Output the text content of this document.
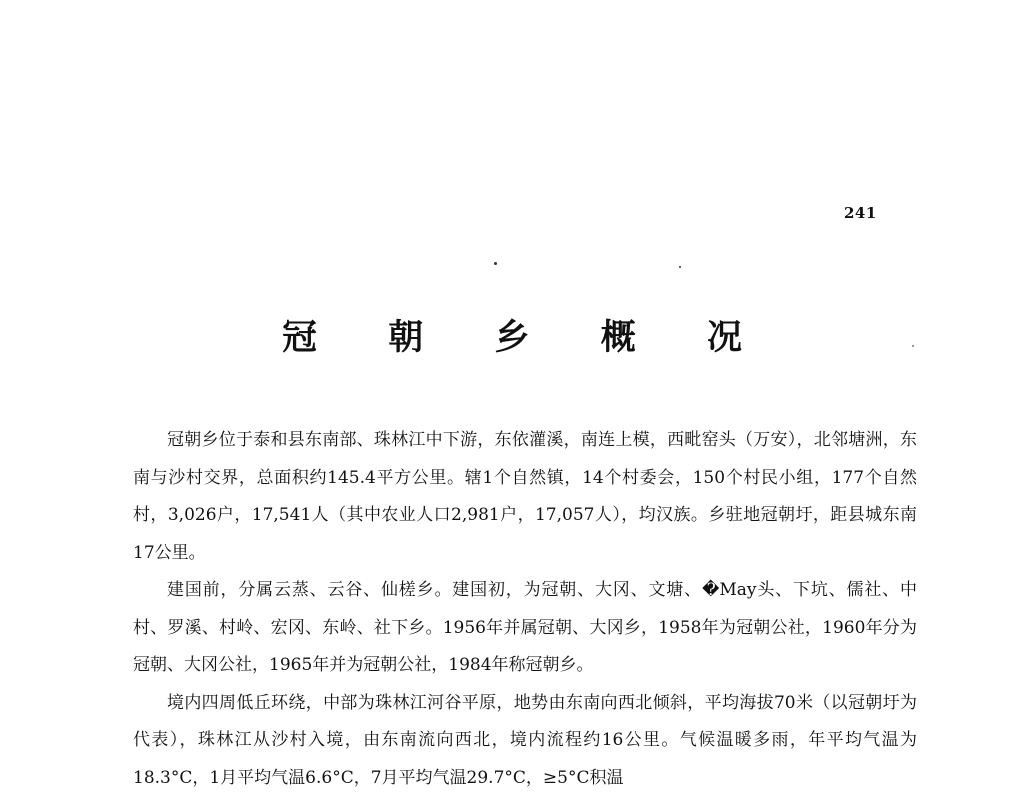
241
冠 朝 乡 概 况

冠朝乡位于泰和县东南部、珠林江中下游，东依灌溪，南连上模，西毗窑头（万安），北邻塘洲，东南与沙村交界，总面积约145.4平方公里。辖1个自然镇，14个村委会，150个村民小组，177个自然村，3,026户，17,541人（其中农业人口2,981户，17,057人），均汉族。乡驻地冠朝圩，距县城东南17公里。

建国前，分属云蒸、云谷、仙槎乡。建国初，为冠朝、大冈、文塘、�May头、下坑、儒社、中村、罗溪、村岭、宏冈、东岭、社下乡。1956年并属冠朝、大冈乡，1958年为冠朝公社，1960年分为冠朝、大冈公社，1965年并为冠朝公社，1984年称冠朝乡。

境内四周低丘环绕，中部为珠林江河谷平原，地势由东南向西北倾斜，平均海拔70米（以冠朝圩为代表），珠林江从沙村入境，由东南流向西北，境内流程约16公里。气候温暖多雨，年平均气温为18.3°C，1月平均气温6.6°C，7月平均气温29.7°C，≥5°C积温
